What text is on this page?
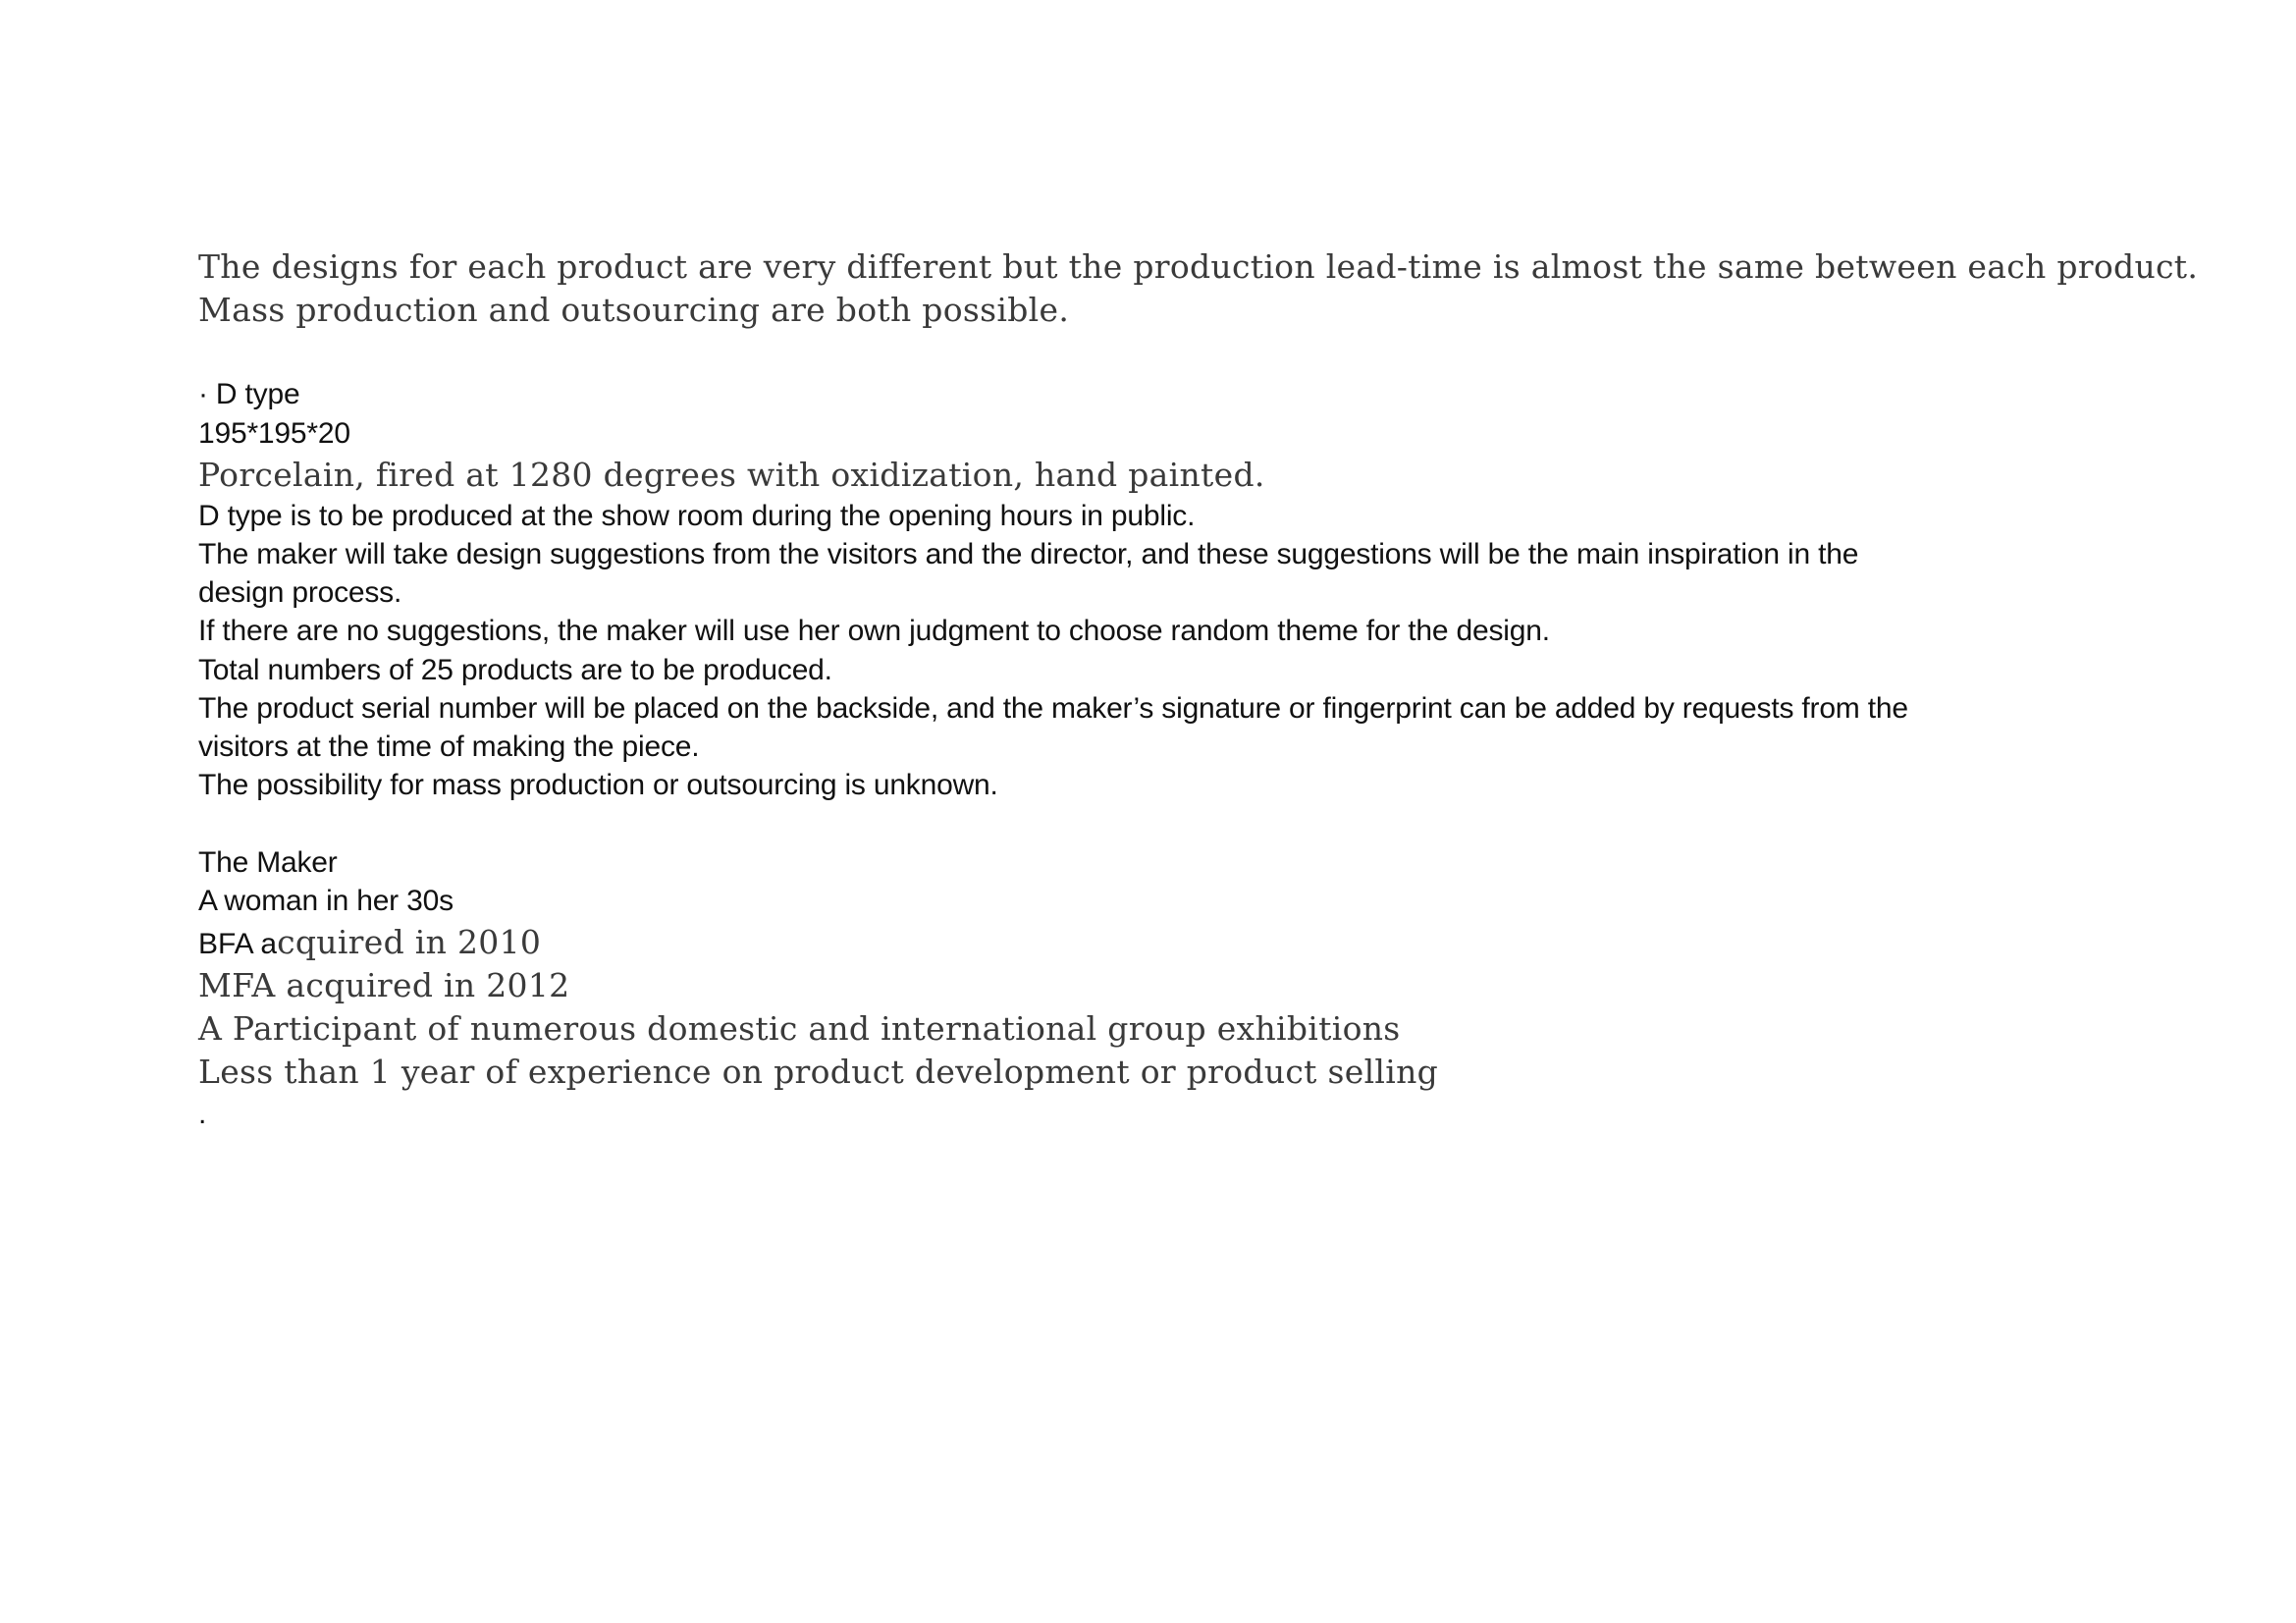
The designs for each product are very different but the production lead-time is almost the same between each product.

Mass production and outsourcing are both possible.

· D type

195*195*20

Porcelain, fired at 1280 degrees with oxidization, hand painted.

D type is to be produced at the show room during the opening hours in public.

The maker will take design suggestions from the visitors and the director, and these suggestions will be the main inspiration in the

design process.

If there are no suggestions, the maker will use her own judgment to choose random theme for the design.

Total numbers of 25 products are to be produced.

The product serial number will be placed on the backside, and the maker’s signature or fingerprint can be added by requests from the

visitors at the time of making the piece.

The possibility for mass production or outsourcing is unknown.

The Maker

A woman in her 30s

BFA acquired in 2010

MFA acquired in 2012

A Participant of numerous domestic and international group exhibitions

Less than 1 year of experience on product development or product selling

.
